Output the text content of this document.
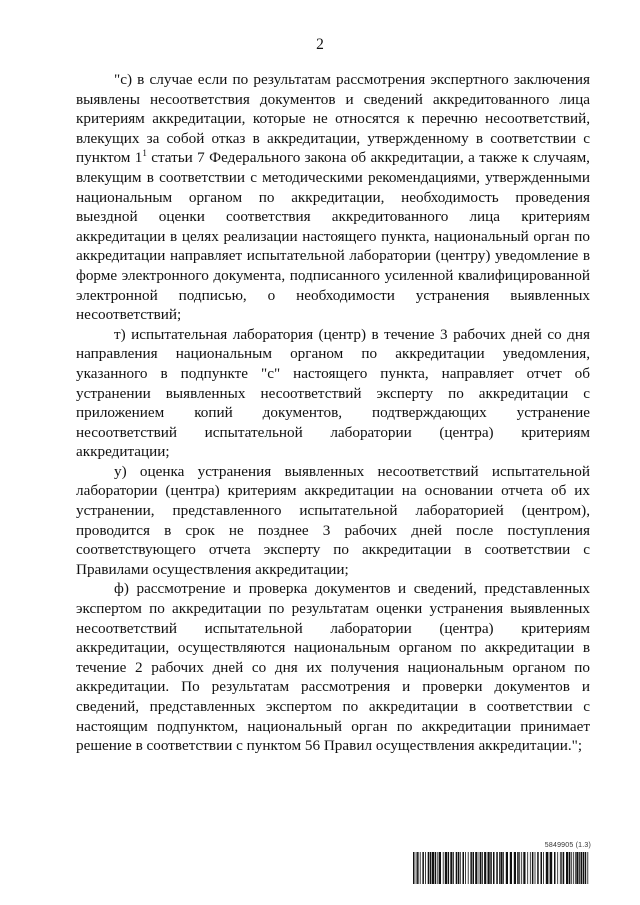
2

"с) в случае если по результатам рассмотрения экспертного заключения выявлены несоответствия документов и сведений аккредитованного лица критериям аккредитации, которые не относятся к перечню несоответствий, влекущих за собой отказ в аккредитации, утвержденному в соответствии с пунктом $1^1$ статьи 7 Федерального закона об аккредитации, а также к случаям, влекущим в соответствии с методическими рекомендациями, утвержденными национальным органом по аккредитации, необходимость проведения выездной оценки соответствия аккредитованного лица критериям аккредитации в целях реализации настоящего пункта, национальный орган по аккредитации направляет испытательной лаборатории (центру) уведомление в форме электронного документа, подписанного усиленной квалифицированной электронной подписью, о необходимости устранения выявленных несоответствий;

т) испытательная лаборатория (центр) в течение 3 рабочих дней со дня направления национальным органом по аккредитации уведомления, указанного в подпункте "с" настоящего пункта, направляет отчет об устранении выявленных несоответствий эксперту по аккредитации с приложением копий документов, подтверждающих устранение несоответствий испытательной лаборатории (центра) критериям аккредитации;

у) оценка устранения выявленных несоответствий испытательной лаборатории (центра) критериям аккредитации на основании отчета об их устранении, представленного испытательной лабораторией (центром), проводится в срок не позднее 3 рабочих дней после поступления соответствующего отчета эксперту по аккредитации в соответствии с Правилами осуществления аккредитации;

ф) рассмотрение и проверка документов и сведений, представленных экспертом по аккредитации по результатам оценки устранения выявленных несоответствий испытательной лаборатории (центра) критериям аккредитации, осуществляются национальным органом по аккредитации в течение 2 рабочих дней со дня их получения национальным органом по аккредитации. По результатам рассмотрения и проверки документов и сведений, представленных экспертом по аккредитации в соответствии с настоящим подпунктом, национальный орган по аккредитации принимает решение в соответствии с пунктом 56 Правил осуществления аккредитации.";

5849905 (1.3)
